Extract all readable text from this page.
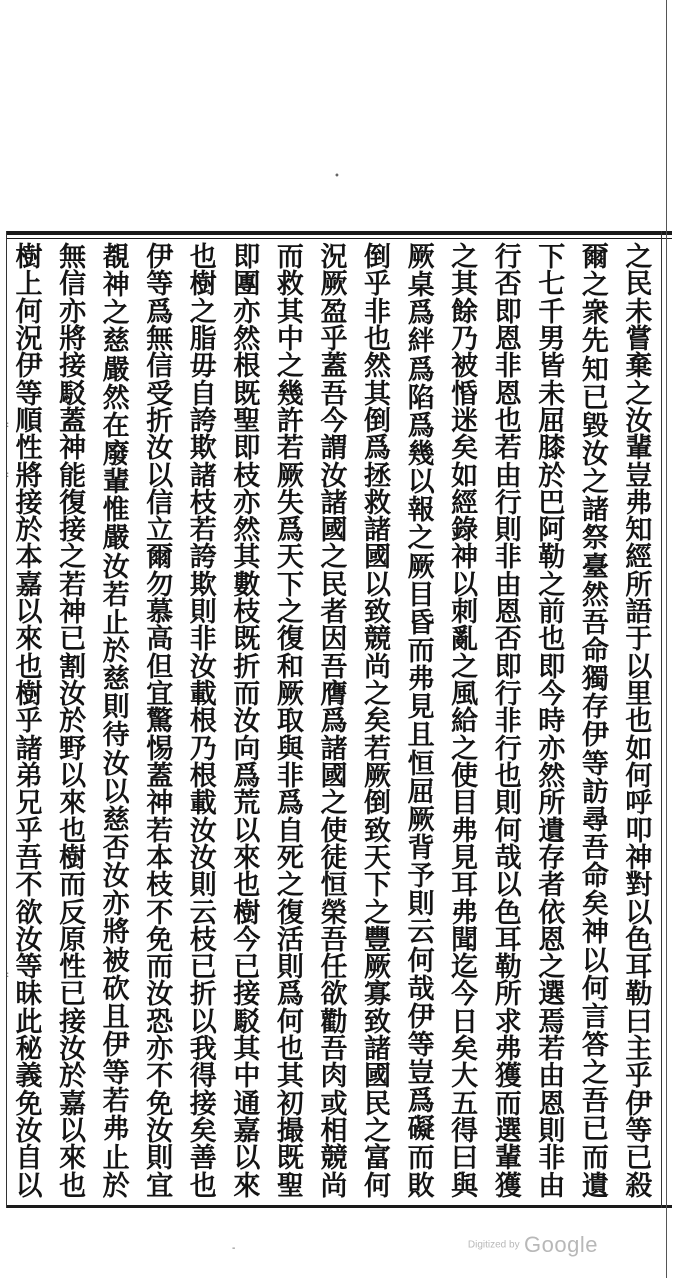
•
:
:
:
-
之
民
未
嘗
棄
之
汝
輩
豈
弗
知
經
所
語
于
以
里
也
如
何
呼
叩
神
對
以
色
耳
勒
曰
主
乎
伊
等
已
殺
爾
之
衆
先
知
已
毀
汝
之
諸
祭
臺
然
吾
命
獨
存
伊
等
訪
尋
吾
命
矣
神
以
何
言
答
之
吾
已
而
遺
下
七
千
男
皆
未
屈
膝
於
巴
阿
勒
之
前
也
即
今
時
亦
然
所
遺
存
者
依
恩
之
選
焉
若
由
恩
則
非
由
行
否
即
恩
非
恩
也
若
由
行
則
非
由
恩
否
即
行
非
行
也
則
何
哉
以
色
耳
勒
所
求
弗
獲
而
選
輩
獲
之
其
餘
乃
被
惛
迷
矣
如
經
錄
神
以
刺
亂
之
風
給
之
使
目
弗
見
耳
弗
聞
迄
今
日
矣
大
五
得
曰
與
厥
桌
爲
絆
爲
陷
爲
幾
以
報
之
厥
目
昏
而
弗
見
且
恒
屈
厥
背
予
則
云
何
哉
伊
等
豈
爲
礙
而
敗
倒
乎
非
也
然
其
倒
爲
拯
救
諸
國
以
致
競
尚
之
矣
若
厥
倒
致
天
下
之
豐
厥
寡
致
諸
國
民
之
富
何
況
厥
盈
乎
蓋
吾
今
謂
汝
諸
國
之
民
者
因
吾
膺
爲
諸
國
之
使
徒
恒
榮
吾
任
欲
勸
吾
肉
或
相
競
尚
而
救
其
中
之
幾
許
若
厥
失
爲
天
下
之
復
和
厥
取
與
非
爲
自
死
之
復
活
則
爲
何
也
其
初
撮
既
聖
即
團
亦
然
根
既
聖
即
枝
亦
然
其
數
枝
既
折
而
汝
向
爲
荒
以
來
也
樹
今
已
接
駁
其
中
通
嘉
以
來
也
樹
之
脂
毋
自
誇
欺
諸
枝
若
誇
欺
則
非
汝
載
根
乃
根
載
汝
汝
則
云
枝
已
折
以
我
得
接
矣
善
也
伊
等
爲
無
信
受
折
汝
以
信
立
爾
勿
慕
高
但
宜
驚
惕
蓋
神
若
本
枝
不
免
而
汝
恐
亦
不
免
汝
則
宜
覩
神
之
慈
嚴
然
在
廢
輩
惟
嚴
汝
若
止
於
慈
則
待
汝
以
慈
否
汝
亦
將
被
砍
且
伊
等
若
弗
止
於
無
信
亦
將
接
駁
蓋
神
能
復
接
之
若
神
已
割
汝
於
野
以
來
也
樹
而
反
原
性
已
接
汝
於
嘉
以
來
也
樹
上
何
況
伊
等
順
性
將
接
於
本
嘉
以
來
也
樹
乎
諸
弟
兄
乎
吾
不
欲
汝
等
昧
此
秘
義
免
汝
自
以
Digitized by Google
